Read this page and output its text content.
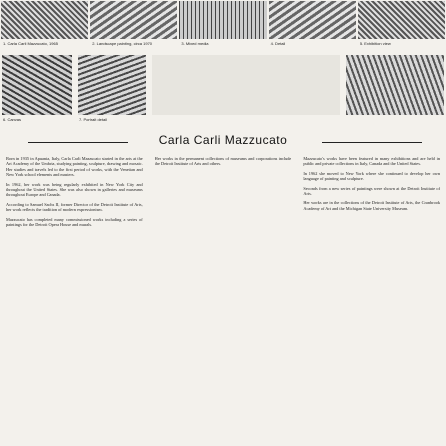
1. Carla Carli Mazzucato, 1965	2. Landscape painting, circa 1970	3. Mixed media	4. Detail	5. Exhibition view
6. Canvas	7. Portrait detail
Carla Carli Mazzucato

Born in 1935 in Apuania, Italy, Carla Carli Mazzucato started in the arts at the Art Academy of the Umbria, studying painting, sculpture, drawing and mosaic. Her studies and travels led to the first period of works, with the Venetian and New York school elements and masters.

In 1962, her work was being regularly exhibited in New York City and throughout the United States. She was also shown in galleries and museums throughout Europe and Canada.

According to Samuel Sachs II, former Director of the Detroit Institute of Arts, her work reflects the tradition of modern expressionism.

Mazzucato has completed many commissioned works including a series of paintings for the Detroit Opera House and murals.

Her works in the permanent collections of museums and corporations include the Detroit Institute of Arts and others.

Mazzucato's works have been featured in many exhibitions and are held in public and private collections in Italy, Canada and the United States.

In 1962 she moved to New York where she continued to develop her own language of painting and sculpture.

Seconds from a new series of paintings were shown at the Detroit Institute of Arts.

Her works are in the collections of the Detroit Institute of Arts, the Cranbrook Academy of Art and the Michigan State University Museum.
